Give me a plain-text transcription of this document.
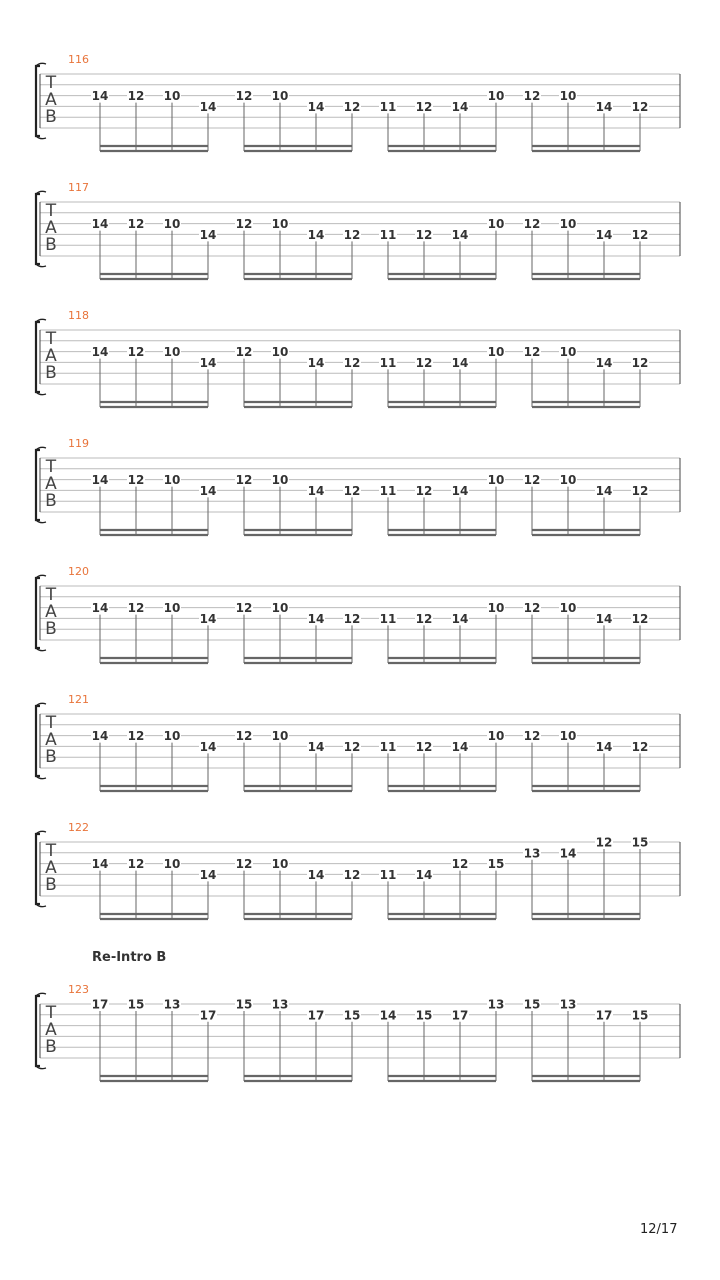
116
T
A
B
14 12 10
14
12 10
14 12 11 12 14
10 12 10
14 12
117
T
A
B
14 12 10
14
12 10
14 12 11 12 14
10 12 10
14 12
118
T
A
B
14 12 10
14
12 10
14 12 11 12 14
10 12 10
14 12
119
T
A
B
14 12 10
14
12 10
14 12 11 12 14
10 12 10
14 12
120
T
A
B
14 12 10
14
12 10
14 12 11 12 14
10 12 10
14 12
121
T
A
B
14 12 10
14
12 10
14 12 11 12 14
10 12 10
14 12
122
T
A
B
14 12 10
14
12 10
14 12 11 14
12 15
13 14
12 15
123
T
A
B
17 15 13
17
15 13
17 15 14 15 17
13 15 13
17 15
Re-Intro B
12/17
